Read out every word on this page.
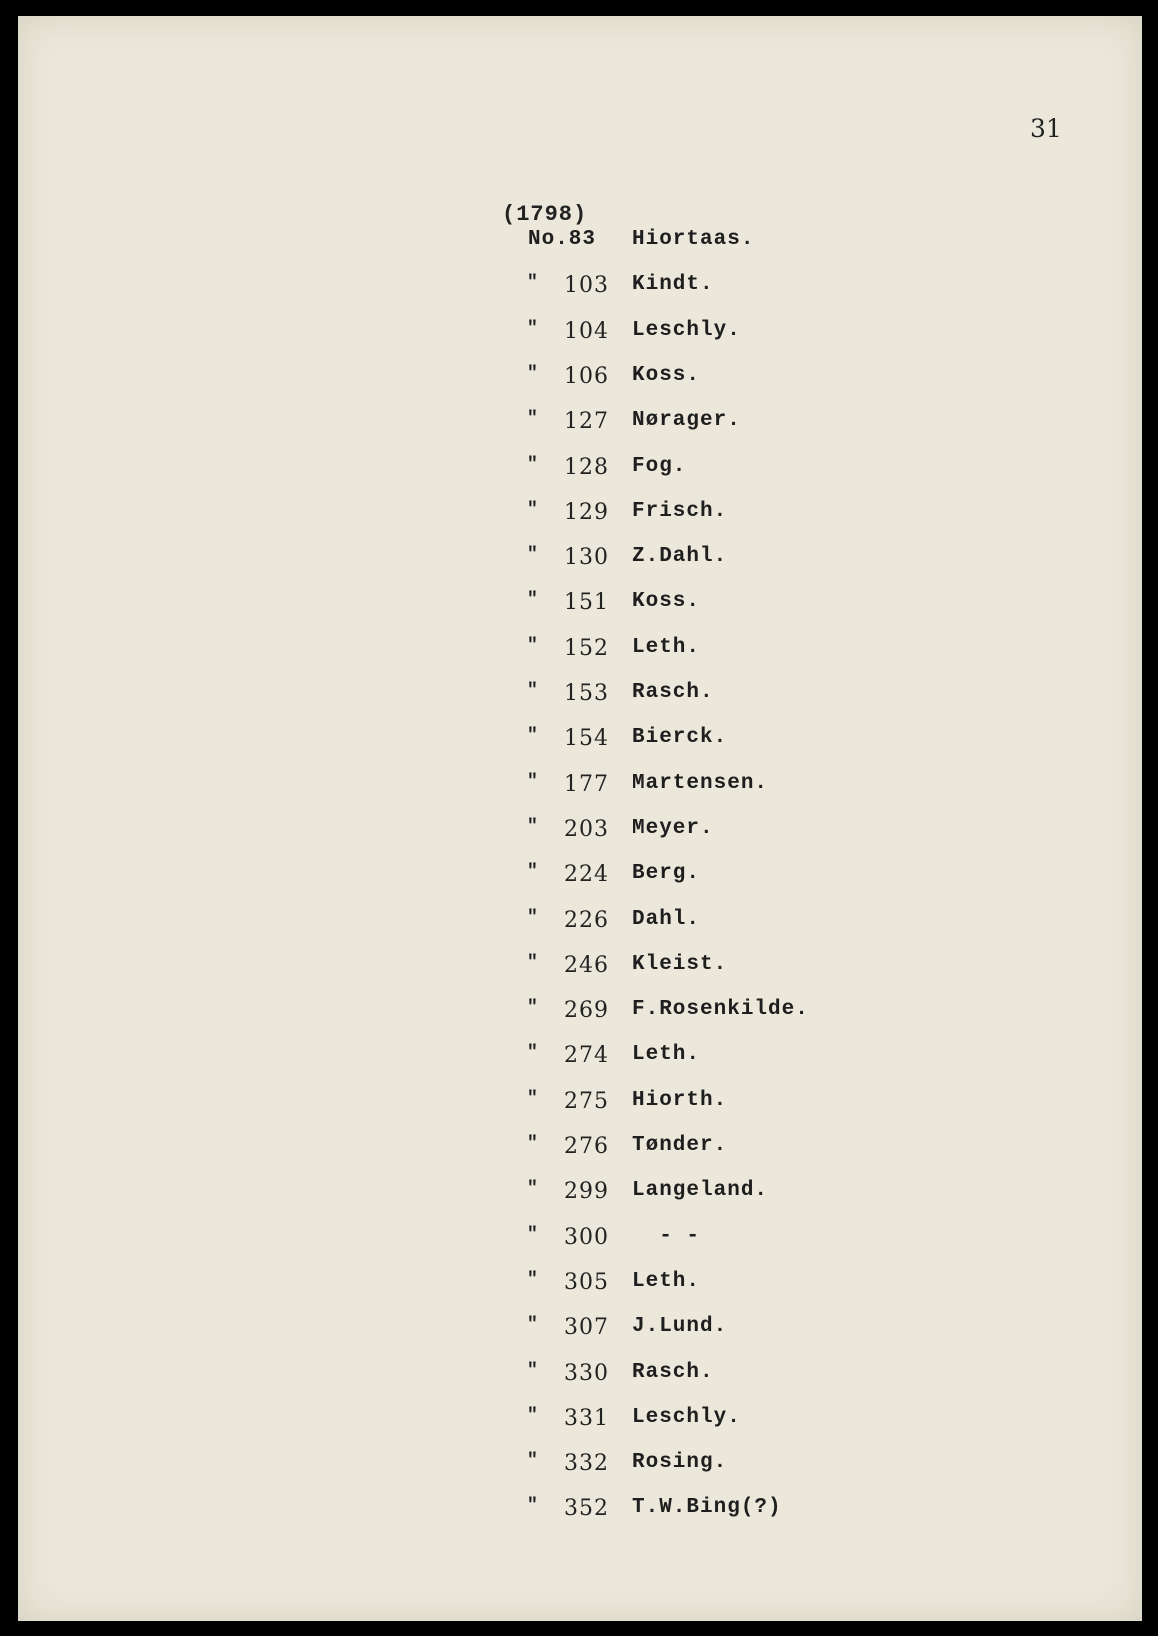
31
(1798)
No.83	Hiortaas.
" 103 Kindt.
" 104 Leschly.
" 106 Koss.
" 127 Nørager.
" 128 Fog.
" 129 Frisch.
" 130 Z.Dahl.
" 151 Koss.
" 152 Leth.
" 153 Rasch.
" 154 Bierck.
" 177 Martensen.
" 203 Meyer.
" 224 Berg.
" 226 Dahl.
" 246 Kleist.
" 269 F.Rosenkilde.
" 274 Leth.
" 275 Hiorth.
" 276 Tønder.
" 299 Langeland.
" 300 - -
" 305 Leth.
" 307 J.Lund.
" 330 Rasch.
" 331 Leschly.
" 332 Rosing.
" 352 T.W.Bing(?)
